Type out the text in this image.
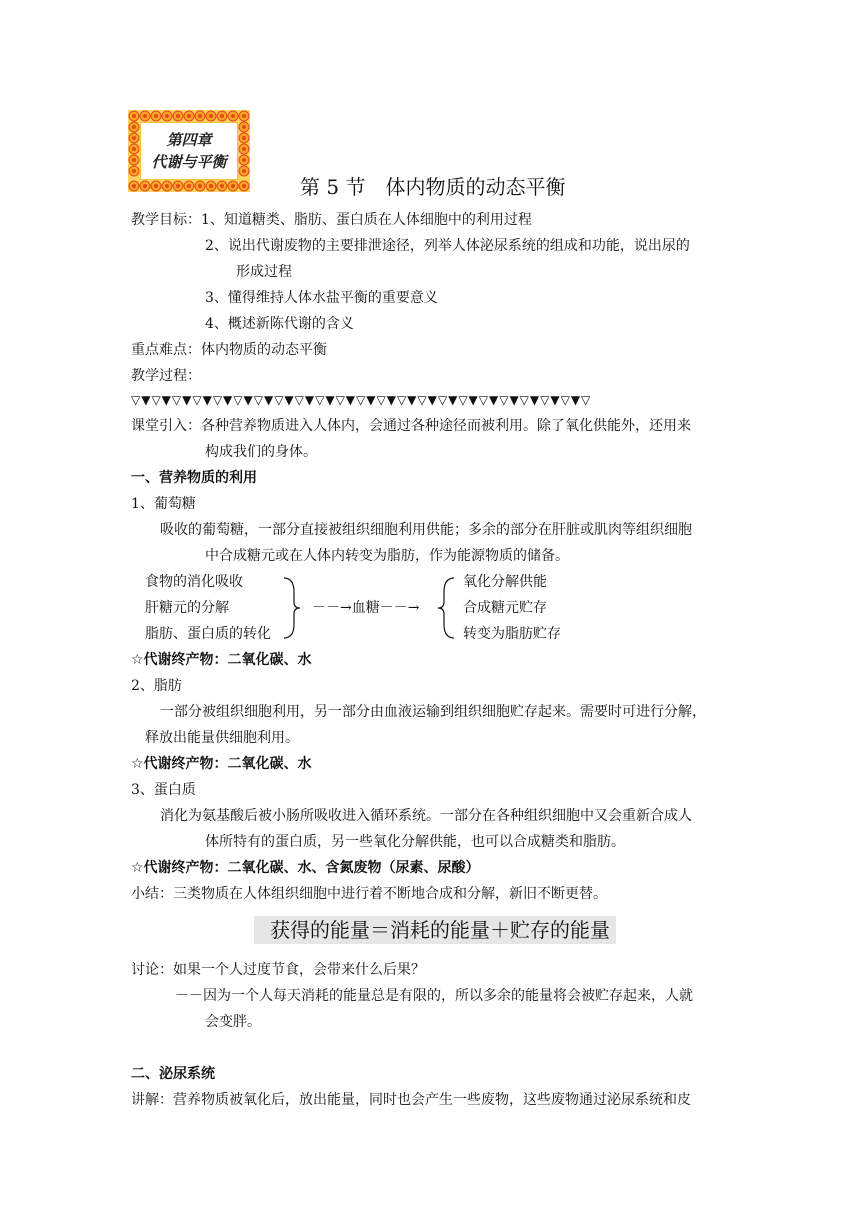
第四章
代谢与平衡
第 5 节　体内物质的动态平衡
教学目标： 1、知道糖类、脂肪、蛋白质在人体细胞中的利用过程
2、说出代谢废物的主要排泄途径，列举人体泌尿系统的组成和功能，说出尿的
形成过程
3、懂得维持人体水盐平衡的重要意义
4、概述新陈代谢的含义
重点难点：体内物质的动态平衡
教学过程：
▽▼▽▼▽▼▽▼▽▼▽▼▽▼▽▼▽▼▽▼▽▼▽▼▽▼▽▼▽▼▽▼▽▼▽▼▽▼▽▼▽▼▽▼▽
课堂引入：各种营养物质进入人体内，会通过各种途径而被利用。除了氧化供能外，还用来
构成我们的身体。
一、营养物质的利用
1、葡萄糖
吸收的葡萄糖，一部分直接被组织细胞利用供能；多余的部分在肝脏或肌肉等组织细胞
中合成糖元或在人体内转变为脂肪，作为能源物质的储备。
食物的消化吸收
肝糖元的分解
脂肪、蛋白质的转化
－－→血糖－－→
氧化分解供能
合成糖元贮存
转变为脂肪贮存
☆代谢终产物：二氧化碳、水
2、脂肪
一部分被组织细胞利用，另一部分由血液运输到组织细胞贮存起来。需要时可进行分解，
释放出能量供细胞利用。
☆代谢终产物：二氧化碳、水
3、蛋白质
消化为氨基酸后被小肠所吸收进入循环系统。一部分在各种组织细胞中又会重新合成人
体所特有的蛋白质，另一些氧化分解供能，也可以合成糖类和脂肪。
☆代谢终产物：二氧化碳、水、含氮废物（尿素、尿酸）
小结：三类物质在人体组织细胞中进行着不断地合成和分解，新旧不断更替。
获得的能量＝消耗的能量＋贮存的能量
讨论：如果一个人过度节食，会带来什么后果？
－－因为一个人每天消耗的能量总是有限的，所以多余的能量将会被贮存起来，人就
会变胖。
二、泌尿系统
讲解：营养物质被氧化后，放出能量，同时也会产生一些废物，这些废物通过泌尿系统和皮
